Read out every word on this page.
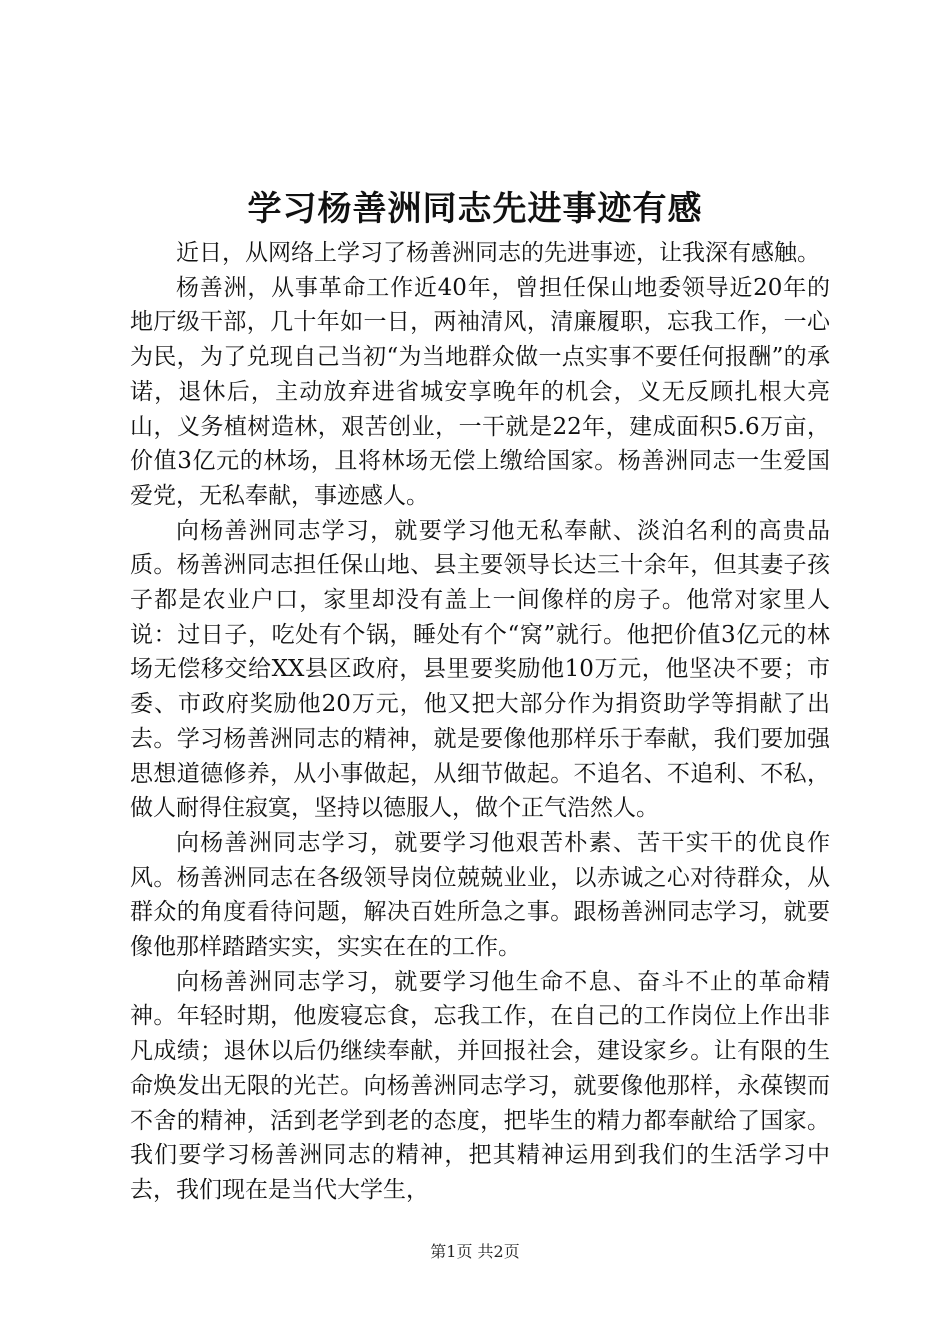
学习杨善洲同志先进事迹有感

近日，从网络上学习了杨善洲同志的先进事迹，让我深有感触。

杨善洲，从事革命工作近40年，曾担任保山地委领导近20年的地厅级干部，几十年如一日，两袖清风，清廉履职，忘我工作，一心为民，为了兑现自己当初“为当地群众做一点实事不要任何报酬”的承诺，退休后，主动放弃进省城安享晚年的机会，义无反顾扎根大亮山，义务植树造林，艰苦创业，一干就是22年，建成面积5.6万亩，价值3亿元的林场，且将林场无偿上缴给国家。杨善洲同志一生爱国爱党，无私奉献，事迹感人。

向杨善洲同志学习，就要学习他无私奉献、淡泊名利的高贵品质。杨善洲同志担任保山地、县主要领导长达三十余年，但其妻子孩子都是农业户口，家里却没有盖上一间像样的房子。他常对家里人说：过日子，吃处有个锅，睡处有个“窝”就行。他把价值3亿元的林场无偿移交给XX县区政府，县里要奖励他10万元，他坚决不要；市委、市政府奖励他20万元，他又把大部分作为捐资助学等捐献了出去。学习杨善洲同志的精神，就是要像他那样乐于奉献，我们要加强思想道德修养，从小事做起，从细节做起。不追名、不追利、不私，做人耐得住寂寞，坚持以德服人，做个正气浩然人。

向杨善洲同志学习，就要学习他艰苦朴素、苦干实干的优良作风。杨善洲同志在各级领导岗位兢兢业业，以赤诚之心对待群众，从群众的角度看待问题，解决百姓所急之事。跟杨善洲同志学习，就要像他那样踏踏实实，实实在在的工作。

向杨善洲同志学习，就要学习他生命不息、奋斗不止的革命精神。年轻时期，他废寝忘食，忘我工作，在自己的工作岗位上作出非凡成绩；退休以后仍继续奉献，并回报社会，建设家乡。让有限的生命焕发出无限的光芒。向杨善洲同志学习，就要像他那样，永葆锲而不舍的精神，活到老学到老的态度，把毕生的精力都奉献给了国家。我们要学习杨善洲同志的精神，把其精神运用到我们的生活学习中去，我们现在是当代大学生，

第1页 共2页
